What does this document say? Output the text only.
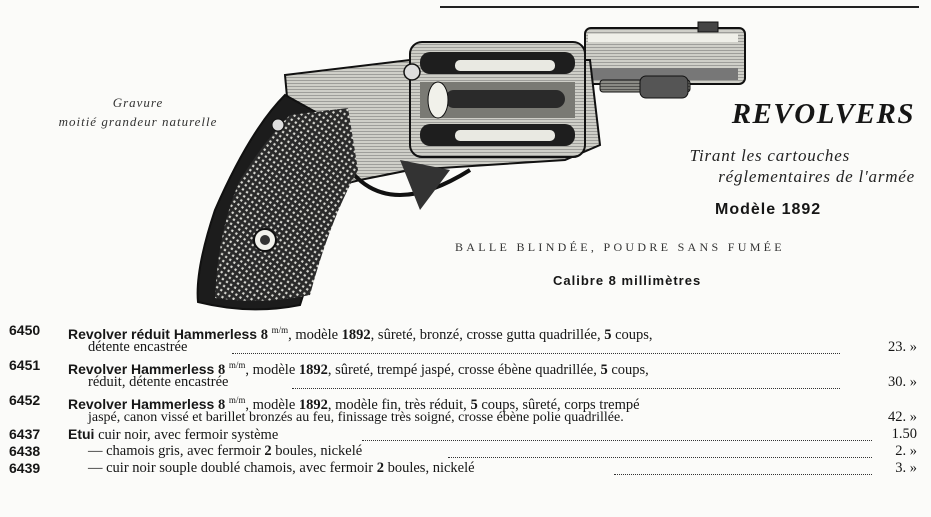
Gravure
moitié grandeur naturelle	REVOLVERS
Tirant les cartouches
réglementaires de l'armée
Modèle 1892
BALLE BLINDÉE, POUDRE SANS FUMÉE
Calibre 8 millimètres
6450	Revolver réduit Hammerless 8 $^{m/m}$, modèle 1892, sûreté, bronzé, crosse gutta quadrillée, 5 coups,
détente encastrée	23. »
6451	Revolver Hammerless 8 $^{m/m}$, modèle 1892, sûreté, trempé jaspé, crosse ébène quadrillée, 5 coups,
réduit, détente encastrée	30. »
6452	Revolver Hammerless 8 $^{m/m}$, modèle 1892, modèle fin, très réduit, 5 coups, sûreté, corps trempé
jaspé, canon vissé et barillet bronzés au feu, finissage très soigné, crosse ébène polie quadrillée.	42. »
6437	Etui cuir noir, avec fermoir système	1.50
6438	— chamois gris, avec fermoir 2 boules, nickelé	2. »
6439	— cuir noir souple doublé chamois, avec fermoir 2 boules, nickelé	3. »
